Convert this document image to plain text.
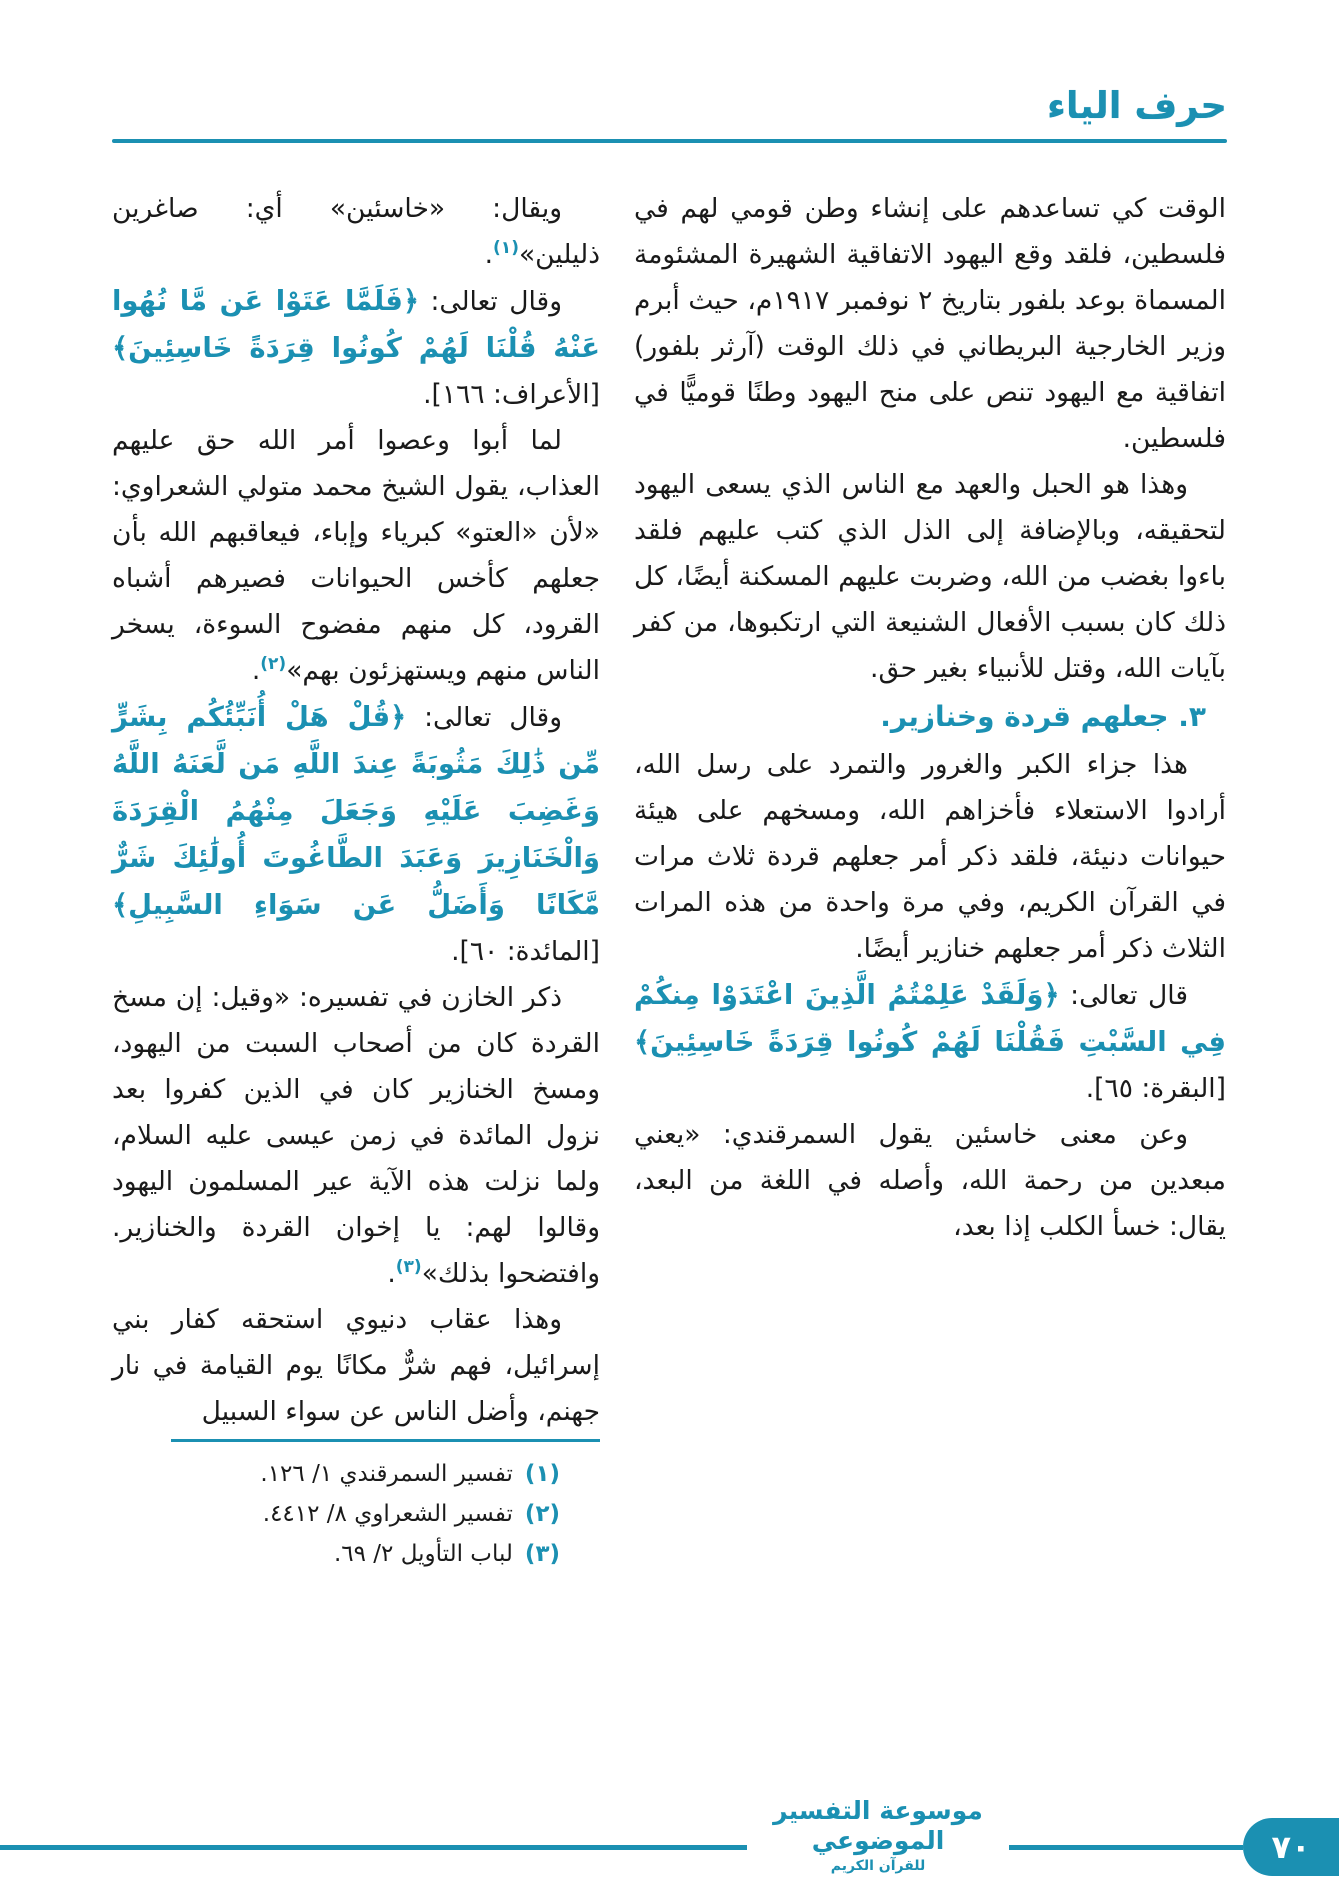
حرف الياء

الوقت كي تساعدهم على إنشاء وطن قومي لهم في فلسطين، فلقد وقع اليهود الاتفاقية الشهيرة المشئومة المسماة بوعد بلفور بتاريخ ٢ نوفمبر ١٩١٧م، حيث أبرم وزير الخارجية البريطاني في ذلك الوقت (آرثر بلفور) اتفاقية مع اليهود تنص على منح اليهود وطنًا قوميًّا في فلسطين.

وهذا هو الحبل والعهد مع الناس الذي يسعى اليهود لتحقيقه، وبالإضافة إلى الذل الذي كتب عليهم فلقد باءوا بغضب من الله، وضربت عليهم المسكنة أيضًا، كل ذلك كان بسبب الأفعال الشنيعة التي ارتكبوها، من كفر بآيات الله، وقتل للأنبياء بغير حق.

٣. جعلهم قردة وخنازير.

هذا جزاء الكبر والغرور والتمرد على رسل الله، أرادوا الاستعلاء فأخزاهم الله، ومسخهم على هيئة حيوانات دنيئة، فلقد ذكر أمر جعلهم قردة ثلاث مرات في القرآن الكريم، وفي مرة واحدة من هذه المرات الثلاث ذكر أمر جعلهم خنازير أيضًا.

قال تعالى: ﴿وَلَقَدْ عَلِمْتُمُ الَّذِينَ اعْتَدَوْا مِنكُمْ فِي السَّبْتِ فَقُلْنَا لَهُمْ كُونُوا قِرَدَةً خَاسِئِينَ﴾ [البقرة: ٦٥].

وعن معنى خاسئين يقول السمرقندي: «يعني مبعدين من رحمة الله، وأصله في اللغة من البعد، يقال: خسأ الكلب إذا بعد،

ويقال: «خاسئين» أي: صاغرين ذليلين»$^{(١)}$.

وقال تعالى: ﴿فَلَمَّا عَتَوْا عَن مَّا نُهُوا عَنْهُ قُلْنَا لَهُمْ كُونُوا قِرَدَةً خَاسِئِينَ﴾ [الأعراف: ١٦٦].

لما أبوا وعصوا أمر الله حق عليهم العذاب، يقول الشيخ محمد متولي الشعراوي: «لأن «العتو» كبرياء وإباء، فيعاقبهم الله بأن جعلهم كأخس الحيوانات فصيرهم أشباه القرود، كل منهم مفضوح السوءة، يسخر الناس منهم ويستهزئون بهم»$^{(٢)}$.

وقال تعالى: ﴿قُلْ هَلْ أُنَبِّئُكُم بِشَرٍّ مِّن ذَٰلِكَ مَثُوبَةً عِندَ اللَّهِ مَن لَّعَنَهُ اللَّهُ وَغَضِبَ عَلَيْهِ وَجَعَلَ مِنْهُمُ الْقِرَدَةَ وَالْخَنَازِيرَ وَعَبَدَ الطَّاغُوتَ أُولَٰئِكَ شَرٌّ مَّكَانًا وَأَضَلُّ عَن سَوَاءِ السَّبِيلِ﴾ [المائدة: ٦٠].

ذكر الخازن في تفسيره: «وقيل: إن مسخ القردة كان من أصحاب السبت من اليهود، ومسخ الخنازير كان في الذين كفروا بعد نزول المائدة في زمن عيسى عليه السلام، ولما نزلت هذه الآية عير المسلمون اليهود وقالوا لهم: يا إخوان القردة والخنازير. وافتضحوا بذلك»$^{(٣)}$.

وهذا عقاب دنيوي استحقه كفار بني إسرائيل، فهم شرٌّ مكانًا يوم القيامة في نار جهنم، وأضل الناس عن سواء السبيل

(١)
تفسير السمرقندي ١/ ١٢٦.
(٢)
تفسير الشعراوي ٨/ ٤٤١٢.
(٣)
لباب التأويل ٢/ ٦٩.
موسوعة التفسير الموضوعي
للقرآن الكريم	٧٠
